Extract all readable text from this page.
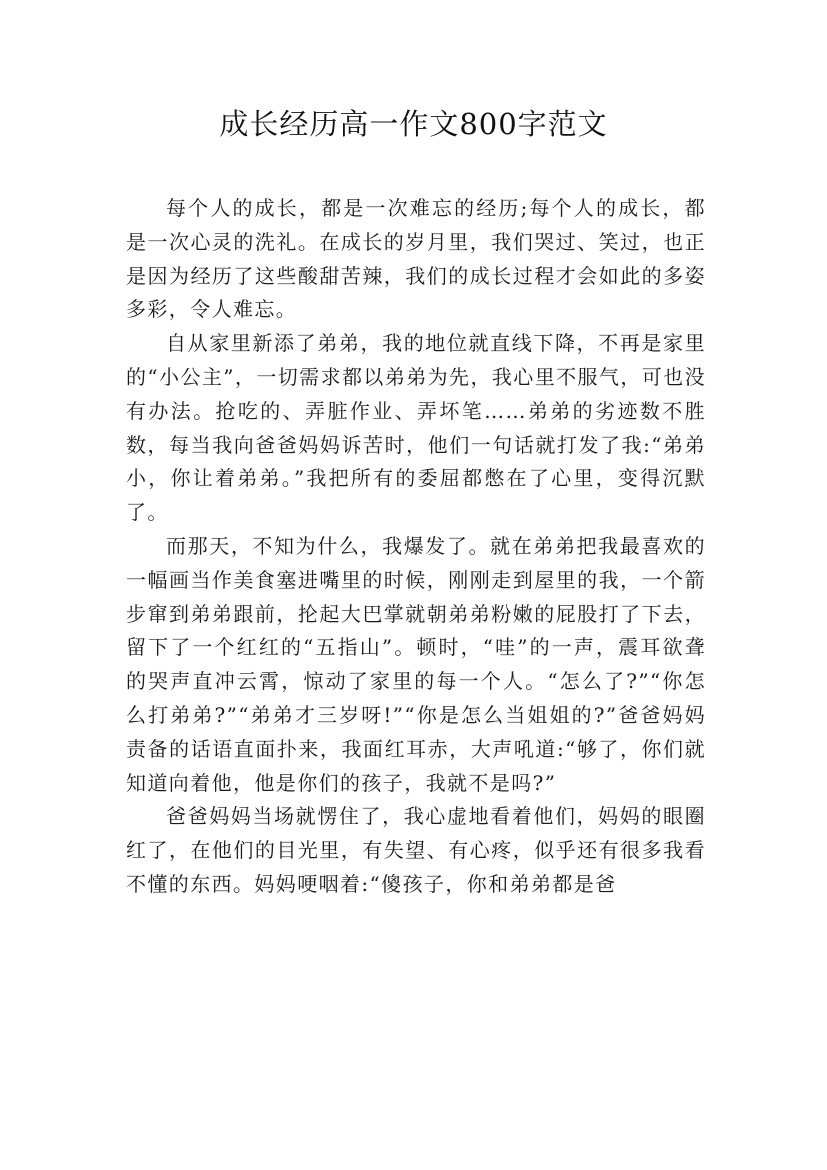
成长经历高一作文800字范文

每个人的成长，都是一次难忘的经历;每个人的成长，都是一次心灵的洗礼。在成长的岁月里，我们哭过、笑过，也正是因为经历了这些酸甜苦辣，我们的成长过程才会如此的多姿多彩，令人难忘。

自从家里新添了弟弟，我的地位就直线下降，不再是家里的“小公主”，一切需求都以弟弟为先，我心里不服气，可也没有办法。抢吃的、弄脏作业、弄坏笔……弟弟的劣迹数不胜数，每当我向爸爸妈妈诉苦时，他们一句话就打发了我:“弟弟小，你让着弟弟。”我把所有的委屈都憋在了心里，变得沉默了。

而那天，不知为什么，我爆发了。就在弟弟把我最喜欢的一幅画当作美食塞进嘴里的时候，刚刚走到屋里的我，一个箭步窜到弟弟跟前，抡起大巴掌就朝弟弟粉嫩的屁股打了下去，留下了一个红红的“五指山”。顿时，“哇”的一声，震耳欲聋的哭声直冲云霄，惊动了家里的每一个人。“怎么了?”“你怎么打弟弟?”“弟弟才三岁呀!”“你是怎么当姐姐的?”爸爸妈妈责备的话语直面扑来，我面红耳赤，大声吼道:“够了，你们就知道向着他，他是你们的孩子，我就不是吗?”

爸爸妈妈当场就愣住了，我心虚地看着他们，妈妈的眼圈红了，在他们的目光里，有失望、有心疼，似乎还有很多我看不懂的东西。妈妈哽咽着:“傻孩子，你和弟弟都是爸
